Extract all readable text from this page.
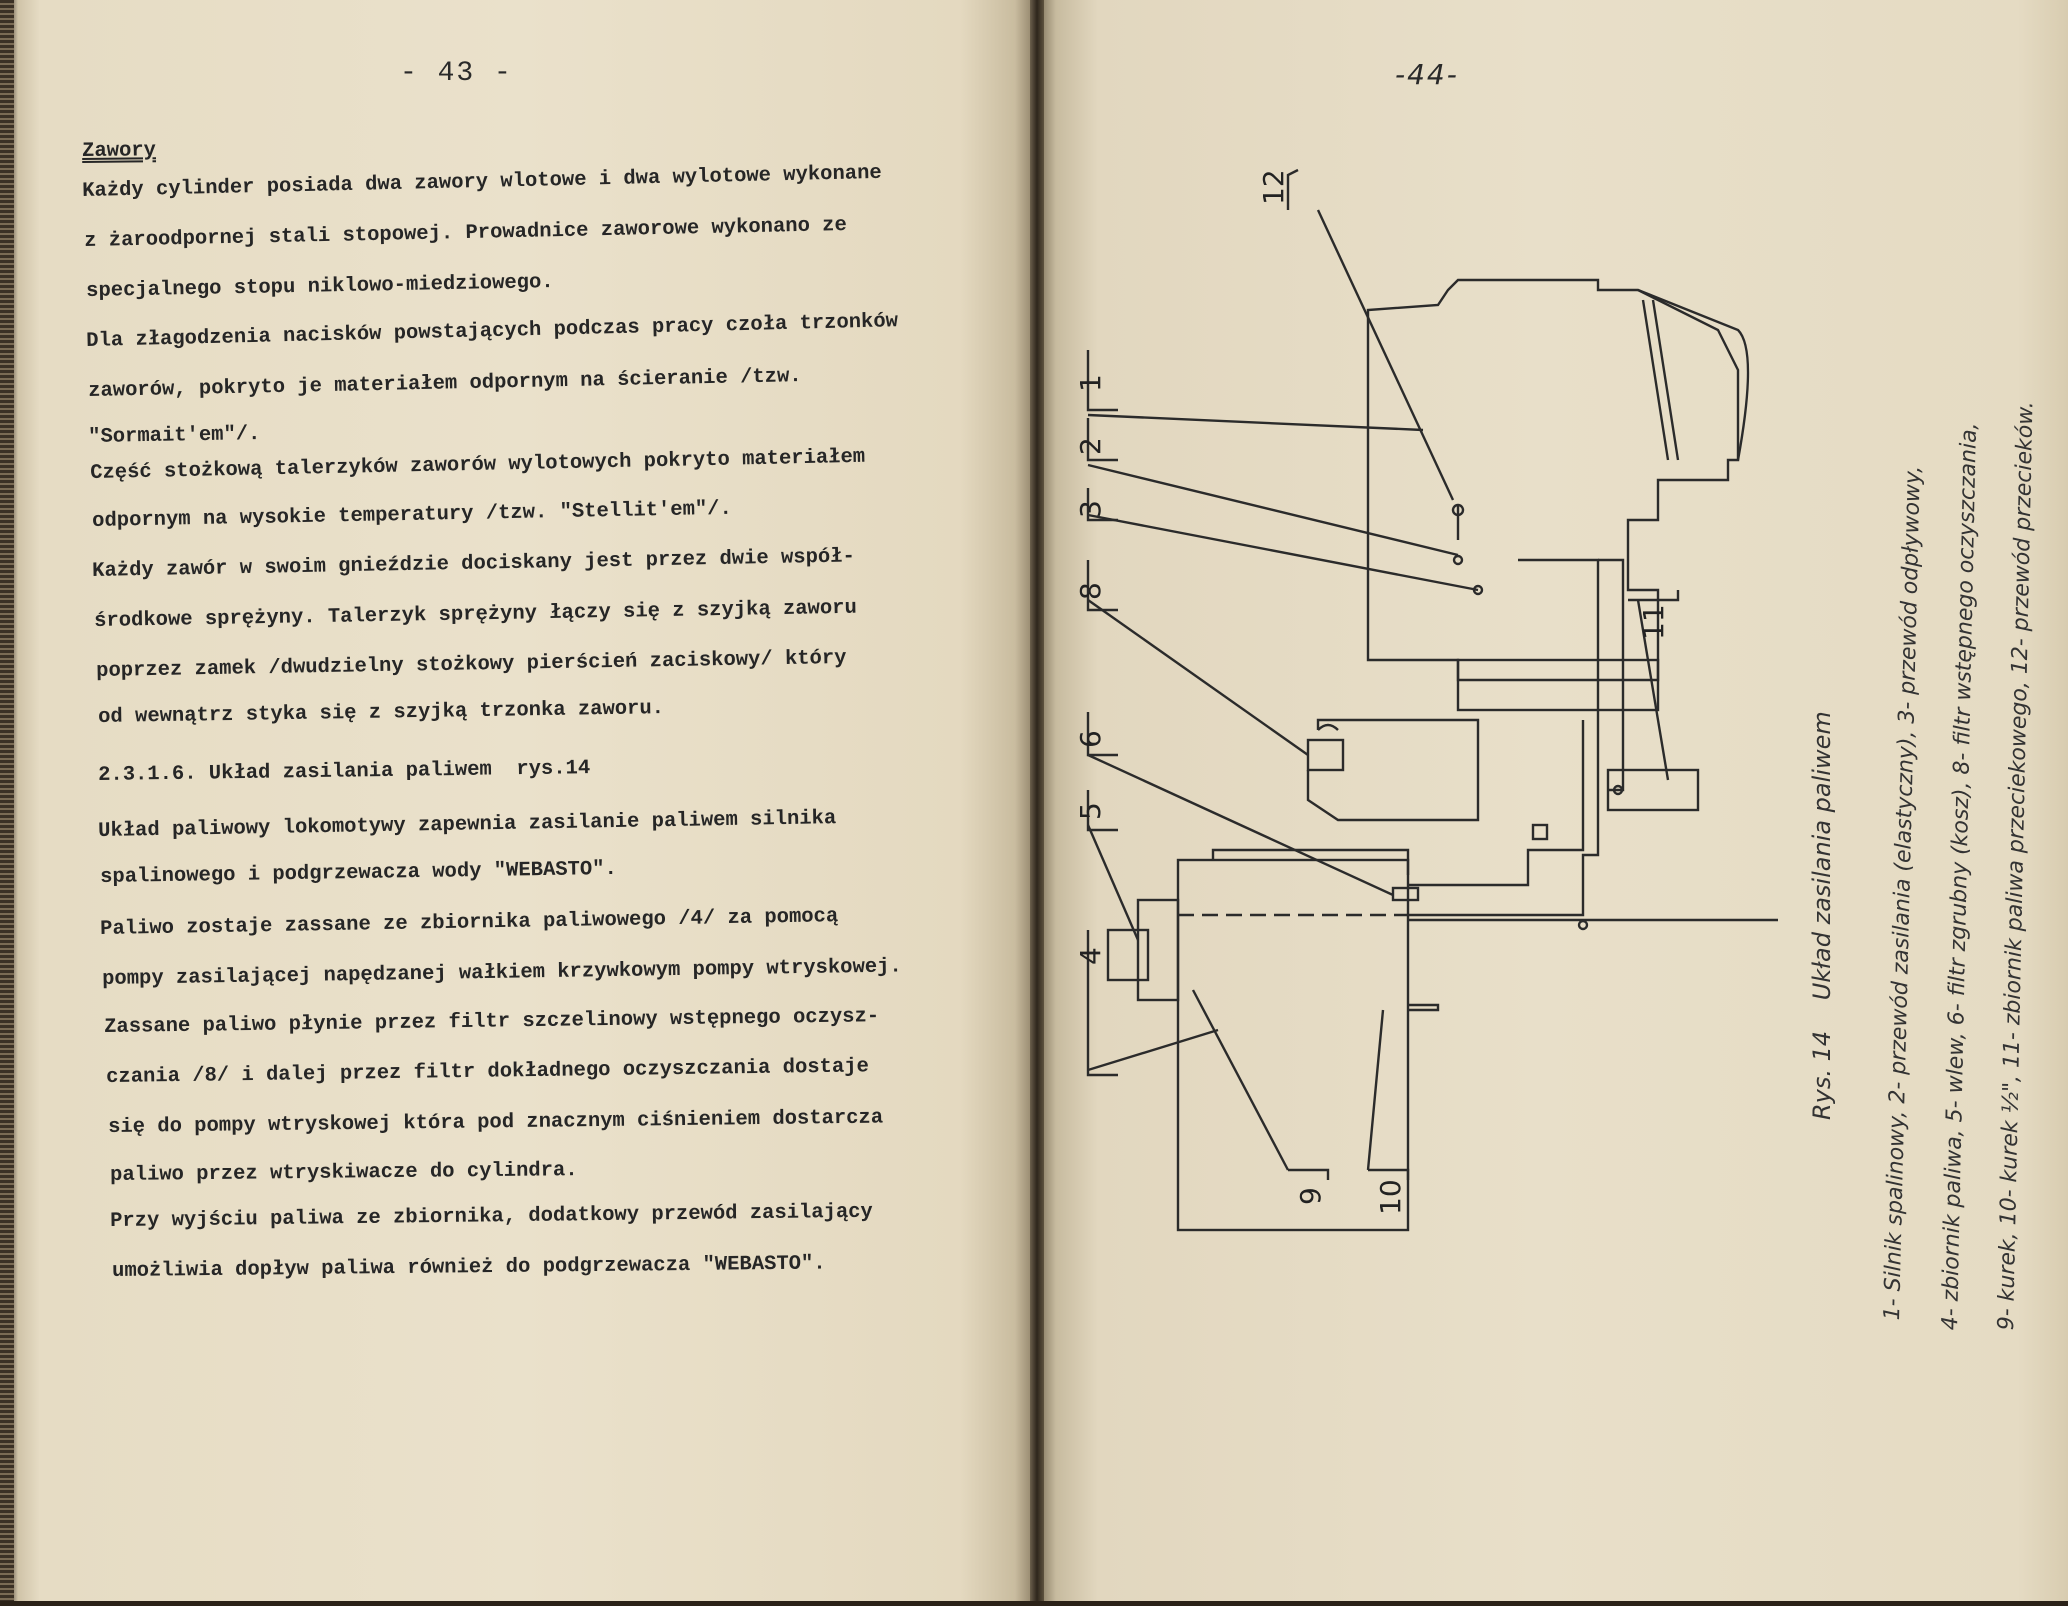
- 43 -
Zawory
Każdy cylinder posiada dwa zawory wlotowe i dwa wylotowe wykonane
z żaroodpornej stali stopowej. Prowadnice zaworowe wykonano ze
specjalnego stopu niklowo-miedziowego.
Dla złagodzenia nacisków powstających podczas pracy czoła trzonków
zaworów, pokryto je materiałem odpornym na ścieranie /tzw.
"Sormait'em"/.
Część stożkową talerzyków zaworów wylotowych pokryto materiałem
odpornym na wysokie temperatury /tzw. "Stellit'em"/.
Każdy zawór w swoim gnieździe dociskany jest przez dwie współ-
środkowe sprężyny. Talerzyk sprężyny łączy się z szyjką zaworu
poprzez zamek /dwudzielny stożkowy pierścień zaciskowy/ który
od wewnątrz styka się z szyjką trzonka zaworu.
2.3.1.6. Układ zasilania paliwem  rys.14
Układ paliwowy lokomotywy zapewnia zasilanie paliwem silnika
spalinowego i podgrzewacza wody "WEBASTO".
Paliwo zostaje zassane ze zbiornika paliwowego /4/ za pomocą
pompy zasilającej napędzanej wałkiem krzywkowym pompy wtryskowej.
Zassane paliwo płynie przez filtr szczelinowy wstępnego oczysz-
czania /8/ i dalej przez filtr dokładnego oczyszczania dostaje
się do pompy wtryskowej która pod znacznym ciśnieniem dostarcza
paliwo przez wtryskiwacze do cylindra.
Przy wyjściu paliwa ze zbiornika, dodatkowy przewód zasilający
umożliwia dopływ paliwa również do podgrzewacza "WEBASTO".
-44-
1
2
3
8
6
5
4
9 10
11
12
Rys. 14    Układ zasilania paliwem 1- Silnik spalinowy, 2- przewód zasilania (elastyczny), 3- przewód odpływowy, 4- zbiornik paliwa, 5- wlew, 6- filtr zgrubny (kosz), 8- filtr wstępnego oczyszczania, 9- kurek, 10- kurek ½", 11- zbiornik paliwa przeciekowego, 12- przewód przecieków.
